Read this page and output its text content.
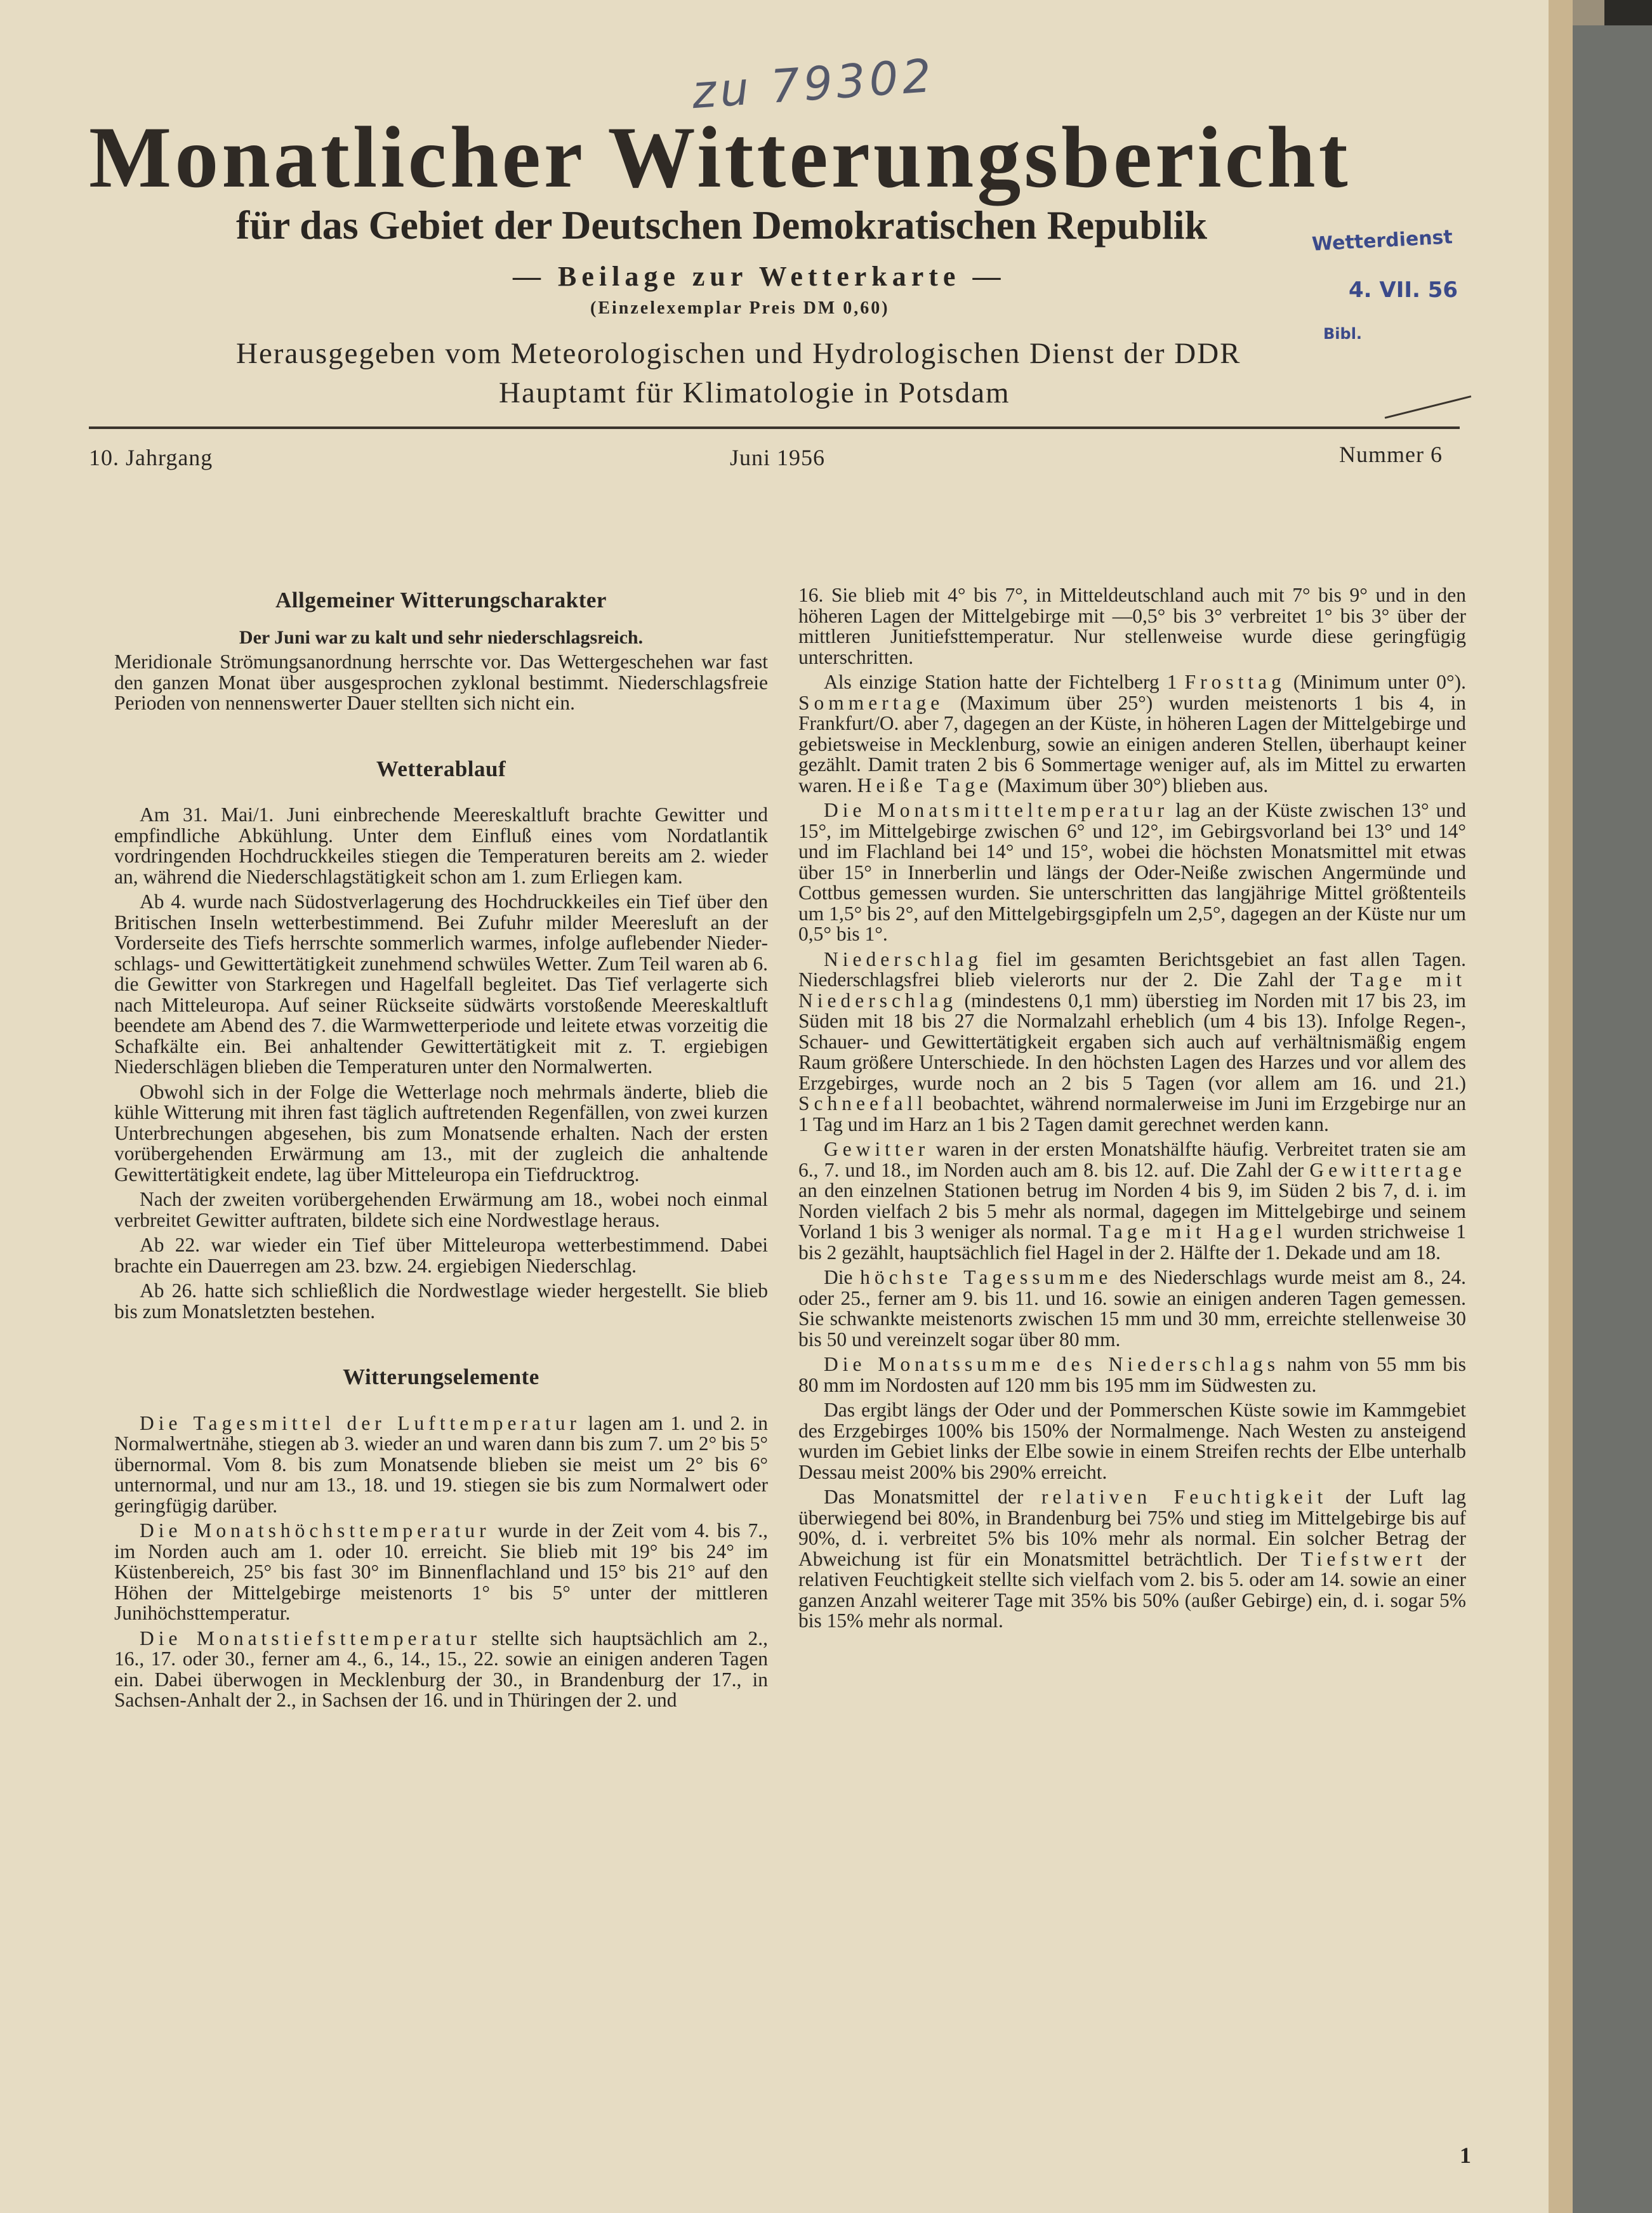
zu 79302
Monatlicher Witterungsbericht
für das Gebiet der Deutschen Demokratischen Republik
— Beilage zur Wetterkarte —
(Einzelexemplar Preis DM 0,60)
Herausgegeben vom Meteorologischen und Hydrologischen Dienst der DDR
Hauptamt für Klimatologie in Potsdam
Wetterdienst
4. VII. 56
Bibl.
10. Jahrgang	Juni 1956	Nummer 6
Allgemeiner Witterungscharakter

Der Juni war zu kalt und sehr niederschlagsreich.

Meridionale Strömungsanordnung herrschte vor. Das Wettergeschehen war fast den ganzen Monat über ausgesprochen zyklonal bestimmt. Niederschlagsfreie Perioden von nennenswerter Dauer stellten sich nicht ein.

Wetterablauf

Am 31. Mai/1. Juni einbrechende Meereskaltluft brachte Gewitter und empfindliche Abkühlung. Unter dem Einfluß eines vom Nordatlantik vordringenden Hochdruckkeiles stiegen die Temperaturen bereits am 2. wieder an, während die Niederschlagstätigkeit schon am 1. zum Erliegen kam.

Ab 4. wurde nach Südostverlagerung des Hochdruckkeiles ein Tief über den Britischen Inseln wetterbestimmend. Bei Zufuhr milder Meeresluft an der Vorderseite des Tiefs herrschte sommerlich warmes, infolge auflebender Niederschlags- und Gewittertätigkeit zunehmend schwüles Wetter. Zum Teil waren ab 6. die Gewitter von Starkregen und Hagelfall begleitet. Das Tief verlagerte sich nach Mitteleuropa. Auf seiner Rückseite südwärts vorstoßende Meereskaltluft beendete am Abend des 7. die Warmwetterperiode und leitete etwas vorzeitig die Schafkälte ein. Bei anhaltender Gewittertätigkeit mit z. T. ergiebigen Niederschlägen blieben die Temperaturen unter den Normalwerten.

Obwohl sich in der Folge die Wetterlage noch mehrmals änderte, blieb die kühle Witterung mit ihren fast täglich auftretenden Regenfällen, von zwei kurzen Unterbrechungen abgesehen, bis zum Monatsende erhalten. Nach der ersten vorübergehenden Erwärmung am 13., mit der zugleich die anhaltende Gewittertätigkeit endete, lag über Mitteleuropa ein Tiefdrucktrog.

Nach der zweiten vorübergehenden Erwärmung am 18., wobei noch einmal verbreitet Gewitter auftraten, bildete sich eine Nordwestlage heraus.

Ab 22. war wieder ein Tief über Mitteleuropa wetterbestimmend. Dabei brachte ein Dauerregen am 23. bzw. 24. ergiebigen Niederschlag.

Ab 26. hatte sich schließlich die Nordwestlage wieder hergestellt. Sie blieb bis zum Monatsletzten bestehen.

Witterungselemente

Die Tagesmittel der Lufttemperatur lagen am 1. und 2. in Normalwertnähe, stiegen ab 3. wieder an und waren dann bis zum 7. um 2° bis 5° übernormal. Vom 8. bis zum Monatsende blieben sie meist um 2° bis 6° unternormal, und nur am 13., 18. und 19. stiegen sie bis zum Normalwert oder geringfügig darüber.

Die Monatshöchsttemperatur wurde in der Zeit vom 4. bis 7., im Norden auch am 1. oder 10. erreicht. Sie blieb mit 19° bis 24° im Küstenbereich, 25° bis fast 30° im Binnenflachland und 15° bis 21° auf den Höhen der Mittelgebirge meistenorts 1° bis 5° unter der mittleren Junihöchsttemperatur.

Die Monatstiefsttemperatur stellte sich hauptsächlich am 2., 16., 17. oder 30., ferner am 4., 6., 14., 15., 22. sowie an einigen anderen Tagen ein. Dabei überwogen in Mecklenburg der 30., in Brandenburg der 17., in Sachsen-Anhalt der 2., in Sachsen der 16. und in Thüringen der 2. und

16. Sie blieb mit 4° bis 7°, in Mitteldeutschland auch mit 7° bis 9° und in den höheren Lagen der Mittelgebirge mit —0,5° bis 3° verbreitet 1° bis 3° über der mittleren Junitiefsttemperatur. Nur stellenweise wurde diese geringfügig unterschritten.

Als einzige Station hatte der Fichtelberg 1 Frosttag (Minimum unter 0°). Sommertage (Maximum über 25°) wurden meistenorts 1 bis 4, in Frankfurt/O. aber 7, dagegen an der Küste, in höheren Lagen der Mittelgebirge und gebietsweise in Mecklenburg, sowie an einigen anderen Stellen, überhaupt keiner gezählt. Damit traten 2 bis 6 Sommertage weniger auf, als im Mittel zu erwarten waren. Heiße Tage (Maximum über 30°) blieben aus.

Die Monatsmitteltemperatur lag an der Küste zwischen 13° und 15°, im Mittelgebirge zwischen 6° und 12°, im Gebirgsvorland bei 13° und 14° und im Flachland bei 14° und 15°, wobei die höchsten Monatsmittel mit etwas über 15° in Innerberlin und längs der Oder-Neiße zwischen Angermünde und Cottbus gemessen wurden. Sie unterschritten das langjährige Mittel größtenteils um 1,5° bis 2°, auf den Mittelgebirgsgipfeln um 2,5°, dagegen an der Küste nur um 0,5° bis 1°.

Niederschlag fiel im gesamten Berichtsgebiet an fast allen Tagen. Niederschlagsfrei blieb vielerorts nur der 2. Die Zahl der Tage mit Niederschlag (mindestens 0,1 mm) überstieg im Norden mit 17 bis 23, im Süden mit 18 bis 27 die Normalzahl erheblich (um 4 bis 13). Infolge Regen-, Schauer- und Gewittertätigkeit ergaben sich auch auf verhältnismäßig engem Raum größere Unterschiede. In den höchsten Lagen des Harzes und vor allem des Erzgebirges, wurde noch an 2 bis 5 Tagen (vor allem am 16. und 21.) Schneefall beobachtet, während normalerweise im Juni im Erzgebirge nur an 1 Tag und im Harz an 1 bis 2 Tagen damit gerechnet werden kann.

Gewitter waren in der ersten Monatshälfte häufig. Verbreitet traten sie am 6., 7. und 18., im Norden auch am 8. bis 12. auf. Die Zahl der Gewittertage an den einzelnen Stationen betrug im Norden 4 bis 9, im Süden 2 bis 7, d. i. im Norden vielfach 2 bis 5 mehr als normal, dagegen im Mittelgebirge und seinem Vorland 1 bis 3 weniger als normal. Tage mit Hagel wurden strichweise 1 bis 2 gezählt, hauptsächlich fiel Hagel in der 2. Hälfte der 1. Dekade und am 18.

Die höchste Tagessumme des Niederschlags wurde meist am 8., 24. oder 25., ferner am 9. bis 11. und 16. sowie an einigen anderen Tagen gemessen. Sie schwankte meistenorts zwischen 15 mm und 30 mm, erreichte stellenweise 30 bis 50 und vereinzelt sogar über 80 mm.

Die Monatssumme des Niederschlags nahm von 55 mm bis 80 mm im Nordosten auf 120 mm bis 195 mm im Südwesten zu.

Das ergibt längs der Oder und der Pommerschen Küste sowie im Kammgebiet des Erzgebirges 100% bis 150% der Normalmenge. Nach Westen zu ansteigend wurden im Gebiet links der Elbe sowie in einem Streifen rechts der Elbe unterhalb Dessau meist 200% bis 290% erreicht.

Das Monatsmittel der relativen Feuchtigkeit der Luft lag überwiegend bei 80%, in Brandenburg bei 75% und stieg im Mittelgebirge bis auf 90%, d. i. verbreitet 5% bis 10% mehr als normal. Ein solcher Betrag der Abweichung ist für ein Monatsmittel beträchtlich. Der Tiefstwert der relativen Feuchtigkeit stellte sich vielfach vom 2. bis 5. oder am 14. sowie an einer ganzen Anzahl weiterer Tage mit 35% bis 50% (außer Gebirge) ein, d. i. sogar 5% bis 15% mehr als normal.

1
